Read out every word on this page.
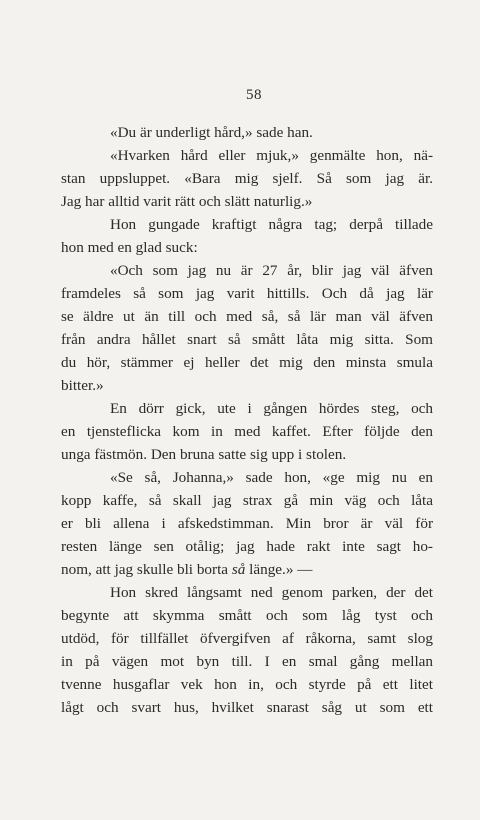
58
«Du är underligt hård,» sade han.
«Hvarken hård eller mjuk,» genmälte hon, nä-
stan uppsluppet. «Bara mig sjelf. Så som jag är.
Jag har alltid varit rätt och slätt naturlig.»
Hon gungade kraftigt några tag; derpå tillade
hon med en glad suck:
«Och som jag nu är 27 år, blir jag väl äfven
framdeles så som jag varit hittills. Och då jag lär
se äldre ut än till och med så, så lär man väl äfven
från andra hållet snart så smått låta mig sitta. Som
du hör, stämmer ej heller det mig den minsta smula
bitter.»
En dörr gick, ute i gången hördes steg, och
en tjensteflicka kom in med kaffet. Efter följde den
unga fästmön. Den bruna satte sig upp i stolen.
«Se så, Johanna,» sade hon, «ge mig nu en
kopp kaffe, så skall jag strax gå min väg och låta
er bli allena i afskedstimman. Min bror är väl för
resten länge sen otålig; jag hade rakt inte sagt ho-
nom, att jag skulle bli borta så länge.» —
Hon skred långsamt ned genom parken, der det
begynte att skymma smått och som låg tyst och
utdöd, för tillfället öfvergifven af råkorna, samt slog
in på vägen mot byn till. I en smal gång mellan
tvenne husgaflar vek hon in, och styrde på ett litet
lågt och svart hus, hvilket snarast såg ut som ett
